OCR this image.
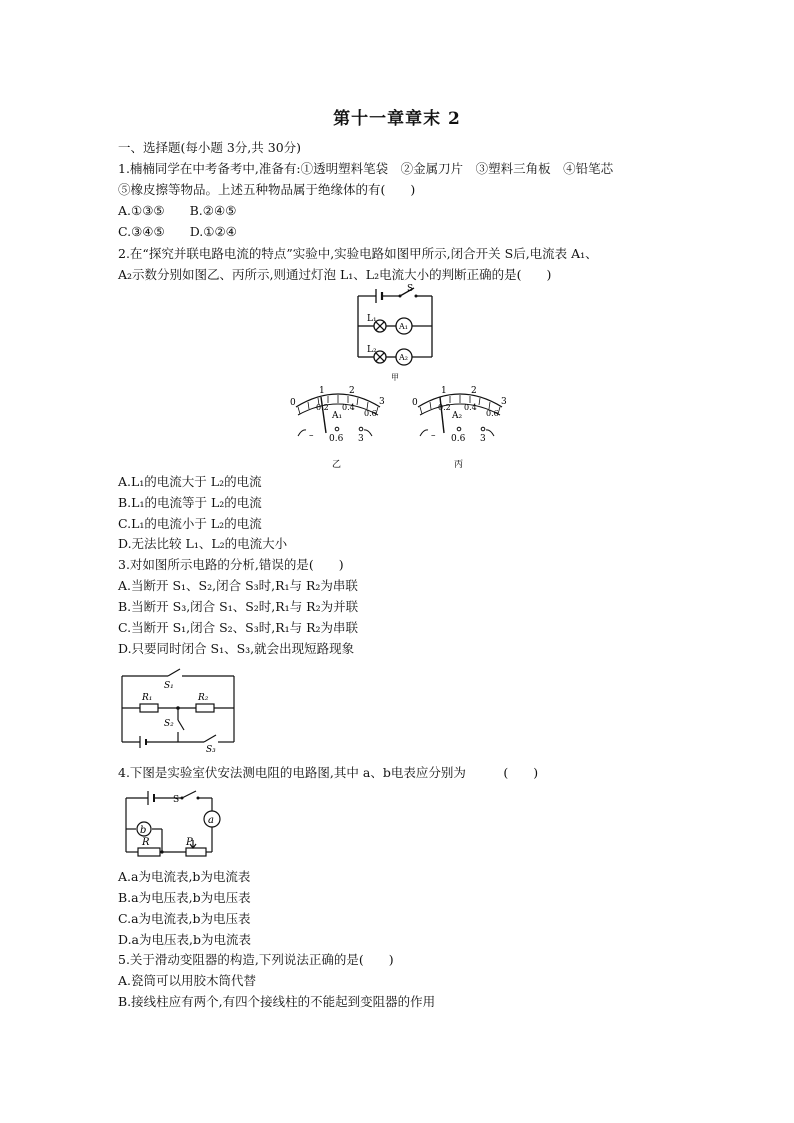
第十一章章末 2
一、选择题(每小题 3分,共 30分)
1.楠楠同学在中考备考中,准备有:①透明塑料笔袋　②金属刀片　③塑料三角板　④铅笔芯
⑤橡皮擦等物品。上述五种物品属于绝缘体的有(　　)
A.①③⑤　　B.②④⑤
C.③④⑤　　D.①②④
2.在“探究并联电路电流的特点”实验中,实验电路如图甲所示,闭合开关 S后,电流表 A₁、
A₂示数分别如图乙、丙所示,则通过灯泡 L₁、L₂电流大小的判断正确的是(　　)
S
L₁
L₂
A₁
A₂
甲
0
1	2
3
0.2 0.4
0.6
A₁
– 0.6 3
乙
0
1	2
3
0.2 0.4
0.6
A₂
– 0.6 3
丙
A.L₁的电流大于 L₂的电流
B.L₁的电流等于 L₂的电流
C.L₁的电流小于 L₂的电流
D.无法比较 L₁、L₂的电流大小
3.对如图所示电路的分析,错误的是(　　)
A.当断开 S₁、S₂,闭合 S₃时,R₁与 R₂为串联
B.当断开 S₃,闭合 S₁、S₂时,R₁与 R₂为并联
C.当断开 S₁,闭合 S₂、S₃时,R₁与 R₂为串联
D.只要同时闭合 S₁、S₃,就会出现短路现象
S₁
R₁	R₂
S₂
S₃
4.下图是实验室伏安法测电阻的电路图,其中 a、b电表应分别为　　　(　　)
S
a
b
R	P
A.a为电流表,b为电流表
B.a为电压表,b为电压表
C.a为电流表,b为电压表
D.a为电压表,b为电流表
5.关于滑动变阻器的构造,下列说法正确的是(　　)
A.瓷筒可以用胶木筒代替
B.接线柱应有两个,有四个接线柱的不能起到变阻器的作用
